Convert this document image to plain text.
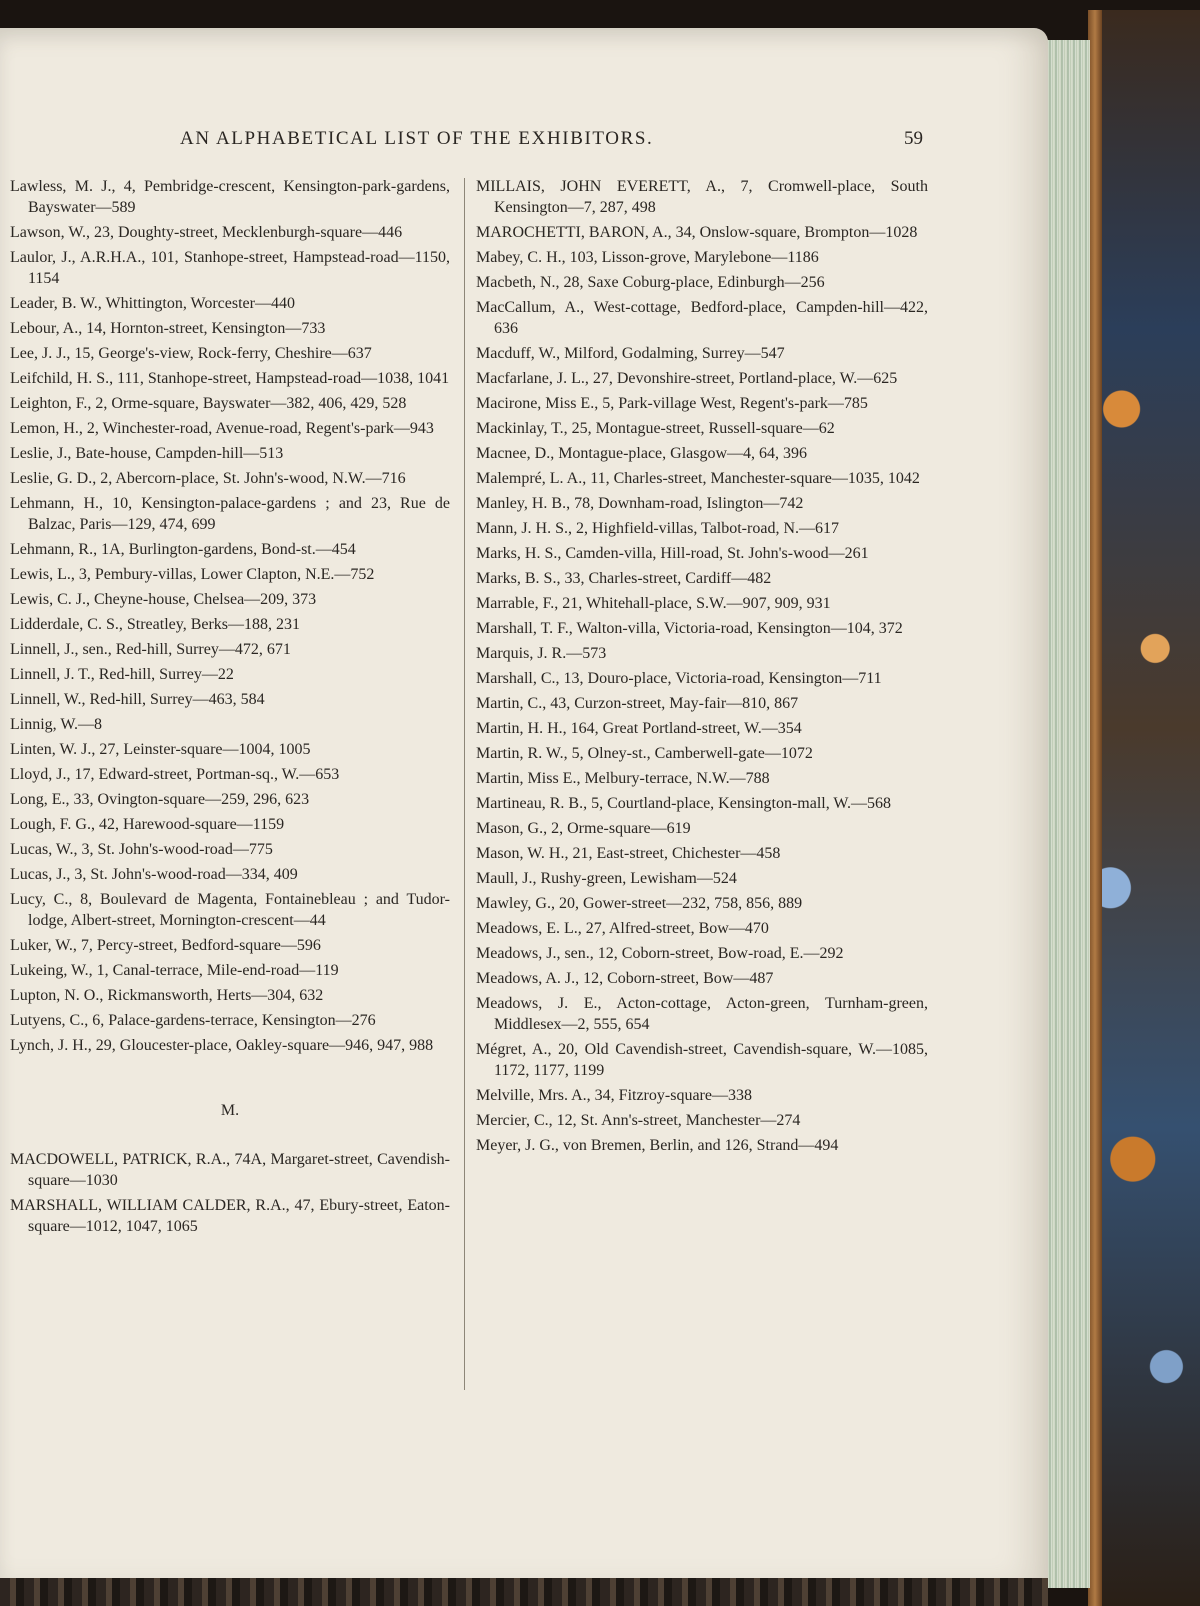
AN ALPHABETICAL LIST OF THE EXHIBITORS.	59
Lawless, M. J., 4, Pembridge-crescent, Kensington-park-gardens, Bayswater—589
Lawson, W., 23, Doughty-street, Mecklenburgh-square—446
Laulor, J., A.R.H.A., 101, Stanhope-street, Hampstead-road—1150, 1154
Leader, B. W., Whittington, Worcester—440
Lebour, A., 14, Hornton-street, Kensington—733
Lee, J. J., 15, George's-view, Rock-ferry, Cheshire—637
Leifchild, H. S., 111, Stanhope-street, Hampstead-road—1038, 1041
Leighton, F., 2, Orme-square, Bayswater—382, 406, 429, 528
Lemon, H., 2, Winchester-road, Avenue-road, Regent's-park—943
Leslie, J., Bate-house, Campden-hill—513
Leslie, G. D., 2, Abercorn-place, St. John's-wood, N.W.—716
Lehmann, H., 10, Kensington-palace-gardens ; and 23, Rue de Balzac, Paris—129, 474, 699
Lehmann, R., 1A, Burlington-gardens, Bond-st.—454
Lewis, L., 3, Pembury-villas, Lower Clapton, N.E.—752
Lewis, C. J., Cheyne-house, Chelsea—209, 373
Lidderdale, C. S., Streatley, Berks—188, 231
Linnell, J., sen., Red-hill, Surrey—472, 671
Linnell, J. T., Red-hill, Surrey—22
Linnell, W., Red-hill, Surrey—463, 584
Linnig, W.—8
Linten, W. J., 27, Leinster-square—1004, 1005
Lloyd, J., 17, Edward-street, Portman-sq., W.—653
Long, E., 33, Ovington-square—259, 296, 623
Lough, F. G., 42, Harewood-square—1159
Lucas, W., 3, St. John's-wood-road—775
Lucas, J., 3, St. John's-wood-road—334, 409
Lucy, C., 8, Boulevard de Magenta, Fontainebleau ; and Tudor-lodge, Albert-street, Mornington-crescent—44
Luker, W., 7, Percy-street, Bedford-square—596
Lukeing, W., 1, Canal-terrace, Mile-end-road—119
Lupton, N. O., Rickmansworth, Herts—304, 632
Lutyens, C., 6, Palace-gardens-terrace, Kensington—276
Lynch, J. H., 29, Gloucester-place, Oakley-square—946, 947, 988
M.
MACDOWELL, PATRICK, R.A., 74A, Margaret-street, Cavendish-square—1030
MARSHALL, WILLIAM CALDER, R.A., 47, Ebury-street, Eaton-square—1012, 1047, 1065
MILLAIS, JOHN EVERETT, A., 7, Cromwell-place, South Kensington—7, 287, 498
MAROCHETTI, BARON, A., 34, Onslow-square, Brompton—1028
Mabey, C. H., 103, Lisson-grove, Marylebone—1186
Macbeth, N., 28, Saxe Coburg-place, Edinburgh—256
MacCallum, A., West-cottage, Bedford-place, Campden-hill—422, 636
Macduff, W., Milford, Godalming, Surrey—547
Macfarlane, J. L., 27, Devonshire-street, Portland-place, W.—625
Macirone, Miss E., 5, Park-village West, Regent's-park—785
Mackinlay, T., 25, Montague-street, Russell-square—62
Macnee, D., Montague-place, Glasgow—4, 64, 396
Malempré, L. A., 11, Charles-street, Manchester-square—1035, 1042
Manley, H. B., 78, Downham-road, Islington—742
Mann, J. H. S., 2, Highfield-villas, Talbot-road, N.—617
Marks, H. S., Camden-villa, Hill-road, St. John's-wood—261
Marks, B. S., 33, Charles-street, Cardiff—482
Marrable, F., 21, Whitehall-place, S.W.—907, 909, 931
Marshall, T. F., Walton-villa, Victoria-road, Kensington—104, 372
Marquis, J. R.—573
Marshall, C., 13, Douro-place, Victoria-road, Kensington—711
Martin, C., 43, Curzon-street, May-fair—810, 867
Martin, H. H., 164, Great Portland-street, W.—354
Martin, R. W., 5, Olney-st., Camberwell-gate—1072
Martin, Miss E., Melbury-terrace, N.W.—788
Martineau, R. B., 5, Courtland-place, Kensington-mall, W.—568
Mason, G., 2, Orme-square—619
Mason, W. H., 21, East-street, Chichester—458
Maull, J., Rushy-green, Lewisham—524
Mawley, G., 20, Gower-street—232, 758, 856, 889
Meadows, E. L., 27, Alfred-street, Bow—470
Meadows, J., sen., 12, Coborn-street, Bow-road, E.—292
Meadows, A. J., 12, Coborn-street, Bow—487
Meadows, J. E., Acton-cottage, Acton-green, Turnham-green, Middlesex—2, 555, 654
Mégret, A., 20, Old Cavendish-street, Cavendish-square, W.—1085, 1172, 1177, 1199
Melville, Mrs. A., 34, Fitzroy-square—338
Mercier, C., 12, St. Ann's-street, Manchester—274
Meyer, J. G., von Bremen, Berlin, and 126, Strand—494
